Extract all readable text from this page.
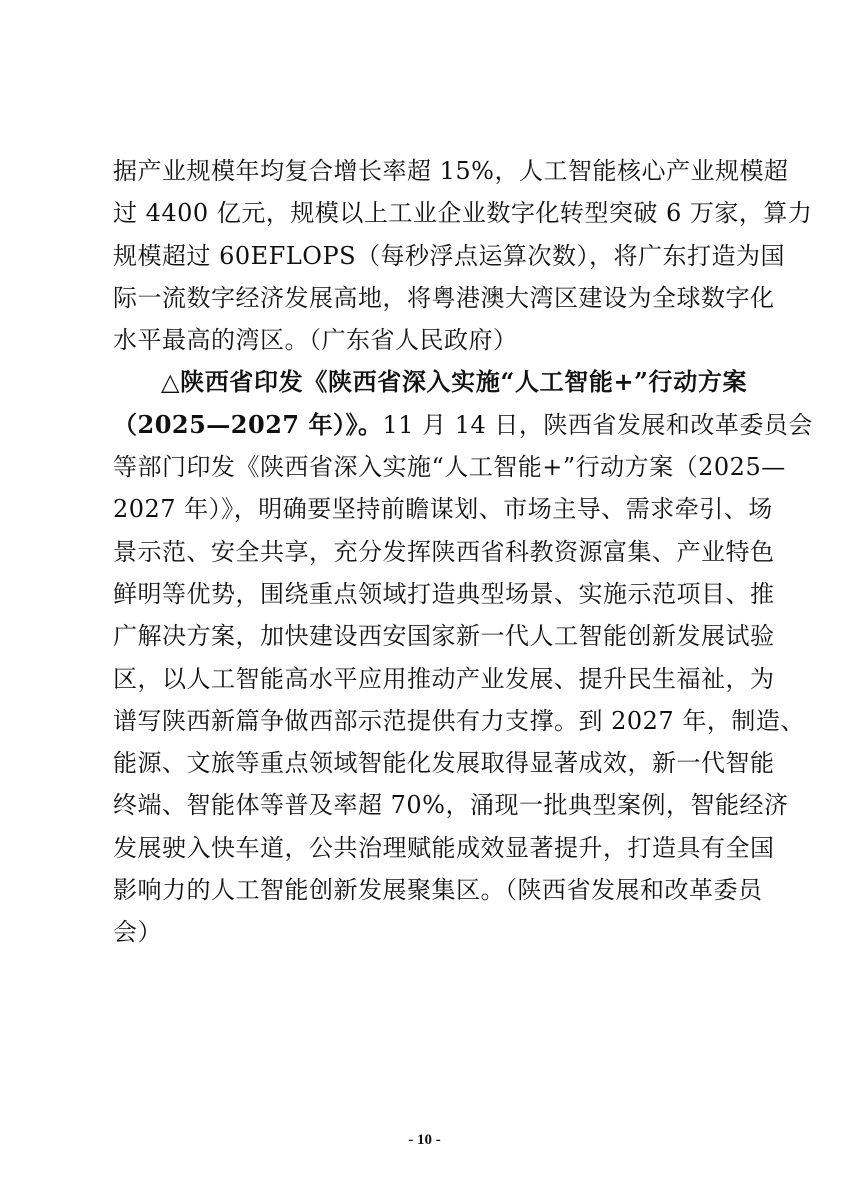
据产业规模年均复合增长率超 15%，人工智能核心产业规模超
过 4400 亿元，规模以上工业企业数字化转型突破 6 万家，算力
规模超过 60EFLOPS（每秒浮点运算次数），将广东打造为国
际一流数字经济发展高地，将粤港澳大湾区建设为全球数字化
水平最高的湾区。（广东省人民政府）
△陕西省印发《陕西省深入实施“人工智能+”行动方案
（2025—2027 年）》。11 月 14 日，陕西省发展和改革委员会
等部门印发《陕西省深入实施“人工智能+”行动方案（2025—
2027 年）》，明确要坚持前瞻谋划、市场主导、需求牵引、场
景示范、安全共享，充分发挥陕西省科教资源富集、产业特色
鲜明等优势，围绕重点领域打造典型场景、实施示范项目、推
广解决方案，加快建设西安国家新一代人工智能创新发展试验
区，以人工智能高水平应用推动产业发展、提升民生福祉，为
谱写陕西新篇争做西部示范提供有力支撑。到 2027 年，制造、
能源、文旅等重点领域智能化发展取得显著成效，新一代智能
终端、智能体等普及率超 70%，涌现一批典型案例，智能经济
发展驶入快车道，公共治理赋能成效显著提升，打造具有全国
影响力的人工智能创新发展聚集区。（陕西省发展和改革委员
会）
- 10 -
